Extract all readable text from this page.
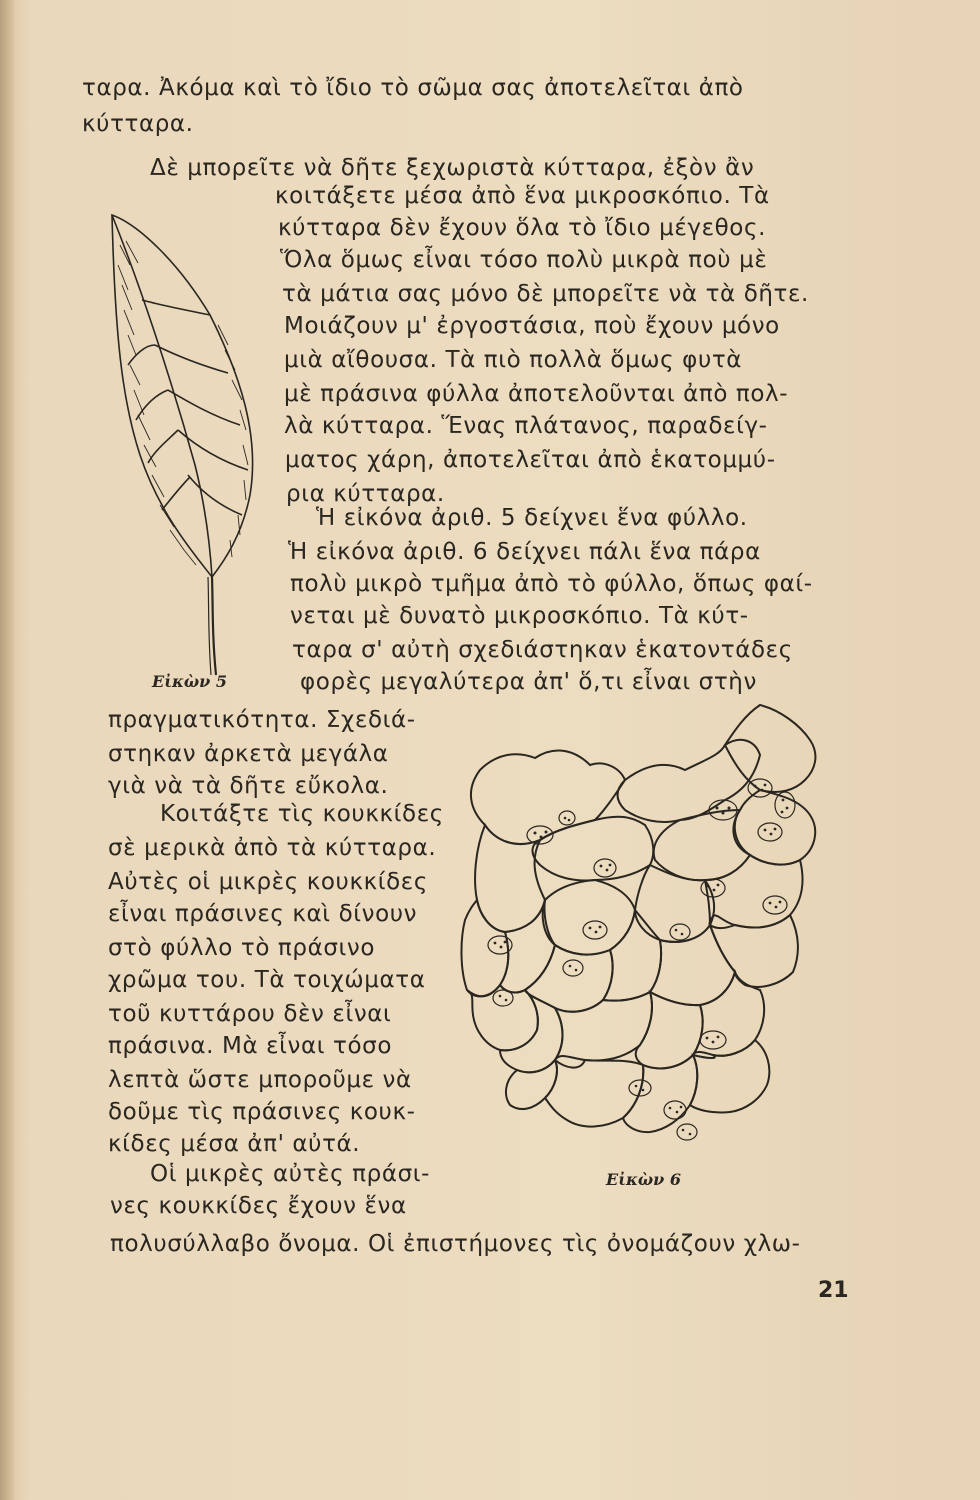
ταρα. Ἀκόμα καὶ τὸ ἴδιο τὸ σῶμα σας ἀποτελεῖται ἀπὸ
κύτταρα.
Δὲ μπορεῖτε νὰ δῆτε ξεχωριστὰ κύτταρα, ἐξὸν ἂν
κοιτάξετε μέσα ἀπὸ ἕνα μικροσκόπιο. Τὰ
κύτταρα δὲν ἔχουν ὅλα τὸ ἴδιο μέγεθος.
Ὅλα ὅμως εἶναι τόσο πολὺ μικρὰ ποὺ μὲ
τὰ μάτια σας μόνο δὲ μπορεῖτε νὰ τὰ δῆτε.
Μοιάζουν μ' ἐργοστάσια, ποὺ ἔχουν μόνο
μιὰ αἴθουσα. Τὰ πιὸ πολλὰ ὅμως φυτὰ
μὲ πράσινα φύλλα ἀποτελοῦνται ἀπὸ πολ-
λὰ κύτταρα. Ἕνας πλάτανος, παραδείγ-
ματος χάρη, ἀποτελεῖται ἀπὸ ἑκατομμύ-
ρια κύτταρα.
Ἡ εἰκόνα ἀριθ. 5 δείχνει ἕνα φύλλο.
Ἡ εἰκόνα ἀριθ. 6 δείχνει πάλι ἕνα πάρα
πολὺ μικρὸ τμῆμα ἀπὸ τὸ φύλλο, ὅπως φαί-
νεται μὲ δυνατὸ μικροσκόπιο. Τὰ κύτ-
ταρα σ' αὐτὴ σχεδιάστηκαν ἑκατοντάδες
φορὲς μεγαλύτερα ἀπ' ὅ,τι εἶναι στὴν
πραγματικότητα. Σχεδιά-
στηκαν ἀρκετὰ μεγάλα
γιὰ νὰ τὰ δῆτε εὔκολα.
Κοιτάξτε τὶς κουκκίδες
σὲ μερικὰ ἀπὸ τὰ κύτταρα.
Αὐτὲς οἱ μικρὲς κουκκίδες
εἶναι πράσινες καὶ δίνουν
στὸ φύλλο τὸ πράσινο
χρῶμα του. Τὰ τοιχώματα
τοῦ κυττάρου δὲν εἶναι
πράσινα. Μὰ εἶναι τόσο
λεπτὰ ὥστε μποροῦμε νὰ
δοῦμε τὶς πράσινες κουκ-
κίδες μέσα ἀπ' αὐτά.
Οἱ μικρὲς αὐτὲς πράσι-
νες κουκκίδες ἔχουν ἕνα
πολυσύλλαβο ὄνομα. Οἱ ἐπιστήμονες τὶς ὀνομάζουν χλω-
Εἰκὼν 5
Εἰκὼν 6
21
